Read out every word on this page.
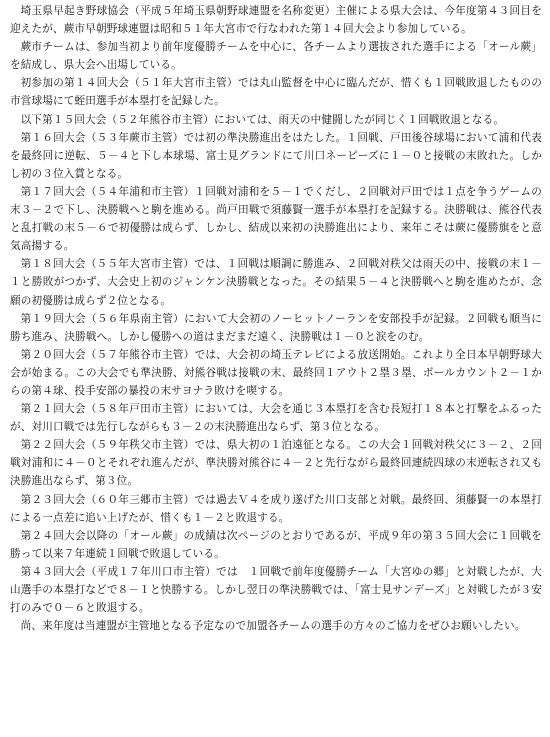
埼玉県早起き野球協会（平成５年埼玉県朝野球連盟を名称変更）主催による県大会は、今年度第４３回目を迎えたが、蕨市早朝野球連盟は昭和５１年大宮市で行なわれた第１４回大会より参加している。

蕨市チームは、参加当初より前年度優勝チームを中心に、各チームより選抜された選手による「オール蕨」を結成し、県大会へ出場している。

初参加の第１４回大会（５１年大宮市主管）では丸山監督を中心に臨んだが、惜くも１回戦敗退したものの市営球場にて蛭田選手が本塁打を記録した。

以下第１５回大会（５２年熊谷市主管）においては、雨天の中健闘したが同じく１回戦敗退となる。

第１６回大会（５３年蕨市主管）では初の準決勝進出をはたした。１回戦、戸田後谷球場において浦和代表を最終回に逆転、５－４と下し本球場、富士見グランドにて川口ネーピーズに１－０と接戦の末敗れた。しかし初の３位入賞となる。

第１７回大会（５４年浦和市主管）１回戦対浦和を５－１でくだし、２回戦対戸田では１点を争うゲームの末３－２で下し、決勝戦へと駒を進める。尚戸田戦で須藤賢一選手が本塁打を記録する。決勝戦は、熊谷代表と乱打戦の末５－６で初優勝は成らず、しかし、結成以来初の決勝進出により、来年こそは蕨に優勝旗をと意気高揚する。

第１８回大会（５５年大宮市主管）では、１回戦は順調に勝進み、２回戦対秩父は雨天の中、接戦の末１－１と勝敗がつかず、大会史上初のジャンケン決勝戦となった。その結果５－４と決勝戦へと駒を進めたが、念願の初優勝は成らず２位となる。

第１９回大会（５６年県南主管）において大会初のノーヒットノーランを安部投手が記録。２回戦も順当に勝ち進み、決勝戦へ。しかし優勝への道はまだまだ遠く、決勝戦は１－０と涙をのむ。

第２０回大会（５７年熊谷市主管）では、大会初の埼玉テレビによる放送開始。これより全日本早朝野球大会が始まる。この大会でも準決勝、対熊谷戦は接戦の末、最終回１アウト２塁３塁、ボールカウント２－１からの第４球、投手安部の暴投の末サヨナラ敗けを喫する。

第２１回大会（５８年戸田市主管）においては、大会を通じ３本塁打を含む長短打１８本と打撃をふるったが、対川口戦では先行しながらも３－２の末決勝進出ならず、第３位となる。

第２２回大会（５９年秩父市主管）では、県大初の１泊遠征となる。この大会１回戦対秩父に３－２、２回戦対浦和に４－０とそれぞれ進んだが、準決勝対熊谷に４－２と先行ながら最終回連続四球の末逆転され又も決勝進出ならず、第３位。

第２３回大会（６０年三郷市主管）では過去Ｖ４を成り遂げた川口支部と対戦。最終回、須藤賢一の本塁打による一点差に追い上げたが、惜くも１－２と敗退する。

第２４回大会以降の「オール蕨」の成績は次ページのとおりであるが、平成９年の第３５回大会に１回戦を勝って以来７年連続１回戦で敗退している。

第４３回大会（平成１７年川口市主管）では　１回戦で前年度優勝チーム「大宮ゆの郷」と対戦したが、大山選手の本塁打などで８－１と快勝する。しかし翌日の準決勝戦では、「富士見サンデーズ」と対戦したが３安打のみで０－６と敗退する。

尚、来年度は当連盟が主管地となる予定なので加盟各チームの選手の方々のご協力をぜひお願いしたい。
